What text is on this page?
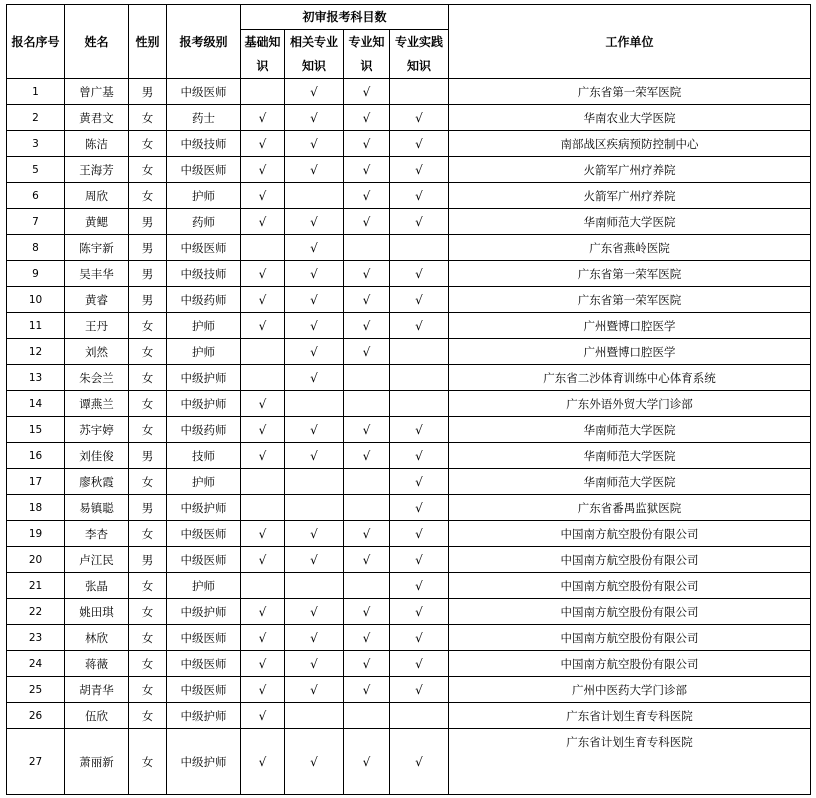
报名序号	姓名	性别	报考级别	初审报考科目数				工作单位
				基础知识	相关专业知识	专业知识	专业实践知识	
1	曾广基	男	中级医师		√	√		广东省第一荣军医院
2	黄君文	女	药士	√	√	√	√	华南农业大学医院
3	陈洁	女	中级技师	√	√	√	√	南部战区疾病预防控制中心
5	王海芳	女	中级医师	√	√	√	√	火箭军广州疗养院
6	周欣	女	护师	√		√	√	火箭军广州疗养院
7	黄鳃	男	药师	√	√	√	√	华南师范大学医院
8	陈宇新	男	中级医师		√			广东省燕岭医院
9	吴丰华	男	中级技师	√	√	√	√	广东省第一荣军医院
10	黄睿	男	中级药师	√	√	√	√	广东省第一荣军医院
11	王丹	女	护师	√	√	√	√	广州暨博口腔医学
12	刘然	女	护师		√	√		广州暨博口腔医学
13	朱会兰	女	中级护师		√			广东省二沙体育训练中心体育系统
14	谭燕兰	女	中级护师	√				广东外语外贸大学门诊部
15	苏宇婷	女	中级药师	√	√	√	√	华南师范大学医院
16	刘佳俊	男	技师	√	√	√	√	华南师范大学医院
17	廖秋霞	女	护师				√	华南师范大学医院
18	易镇聪	男	中级护师				√	广东省番禺监狱医院
19	李杏	女	中级医师	√	√	√	√	中国南方航空股份有限公司
20	卢江民	男	中级医师	√	√	√	√	中国南方航空股份有限公司
21	张晶	女	护师				√	中国南方航空股份有限公司
22	姚田琪	女	中级护师	√	√	√	√	中国南方航空股份有限公司
23	林欣	女	中级医师	√	√	√	√	中国南方航空股份有限公司
24	蒋薇	女	中级医师	√	√	√	√	中国南方航空股份有限公司
25	胡青华	女	中级医师	√	√	√	√	广州中医药大学门诊部
26	伍欣	女	中级护师	√				广东省计划生育专科医院
27	萧丽新	女	中级护师	√	√	√	√	广东省计划生育专科医院
